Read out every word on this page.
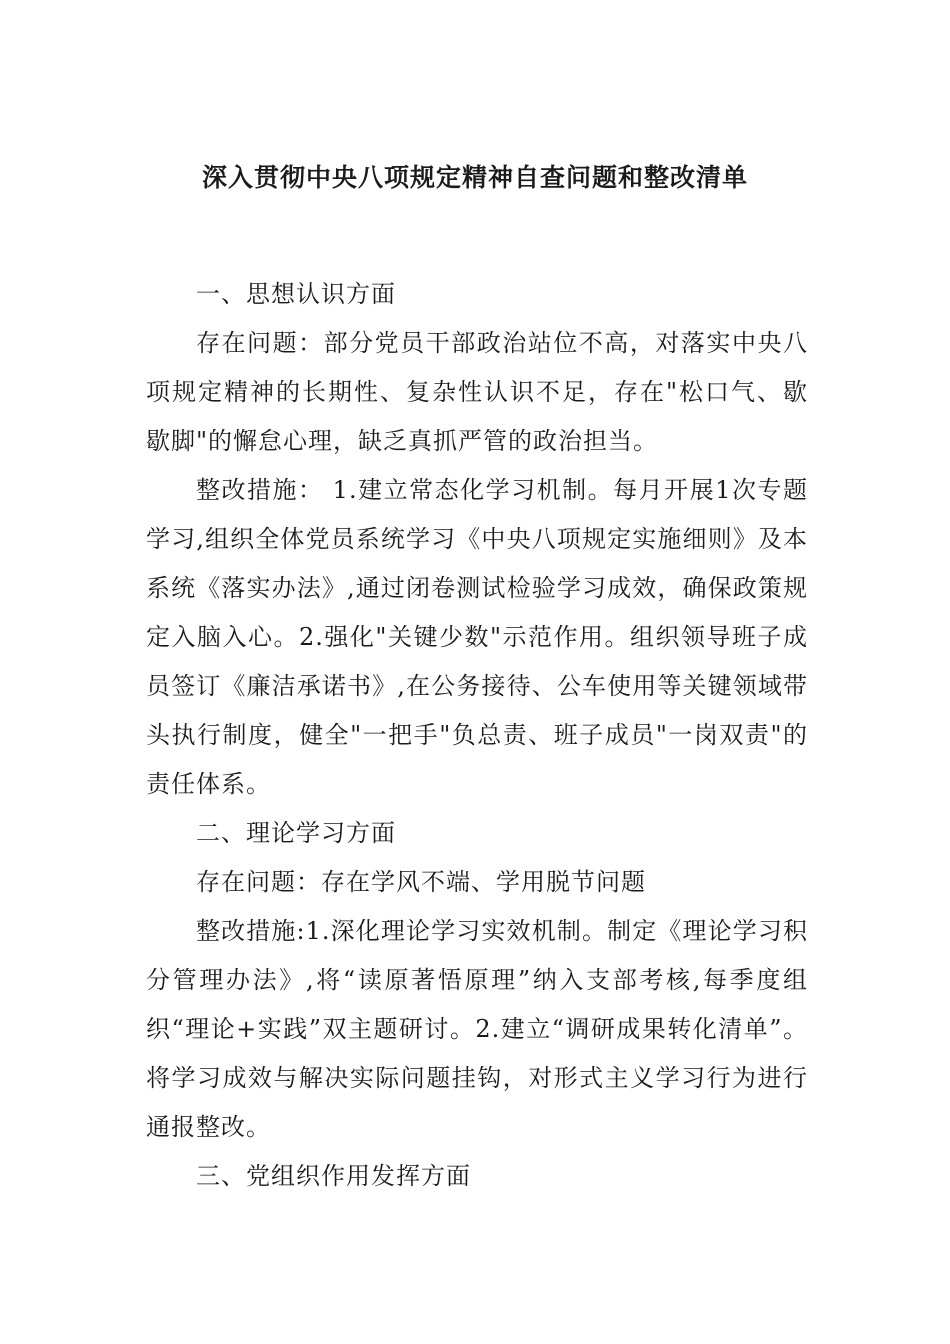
深入贯彻中央八项规定精神自查问题和整改清单

一、思想认识方面

存在问题：部分党员干部政治站位不高，对落实中央八项规定精神的长期性、复杂性认识不足，存在"松口气、歇歇脚"的懈怠心理，缺乏真抓严管的政治担当。

整改措施： 1.建立常态化学习机制。每月开展1次专题学习,组织全体党员系统学习《中央八项规定实施细则》及本系统《落实办法》,通过闭卷测试检验学习成效，确保政策规定入脑入心。2.强化"关键少数"示范作用。组织领导班子成员签订《廉洁承诺书》,在公务接待、公车使用等关键领域带头执行制度，健全"一把手"负总责、班子成员"一岗双责"的责任体系。

二、理论学习方面

存在问题：存在学风不端、学用脱节问题

整改措施:1.深化理论学习实效机制。制定《理论学习积分管理办法》,将“读原著悟原理”纳入支部考核,每季度组织“理论+实践”双主题研讨。2.建立“调研成果转化清单”。将学习成效与解决实际问题挂钩，对形式主义学习行为进行通报整改。

三、党组织作用发挥方面
